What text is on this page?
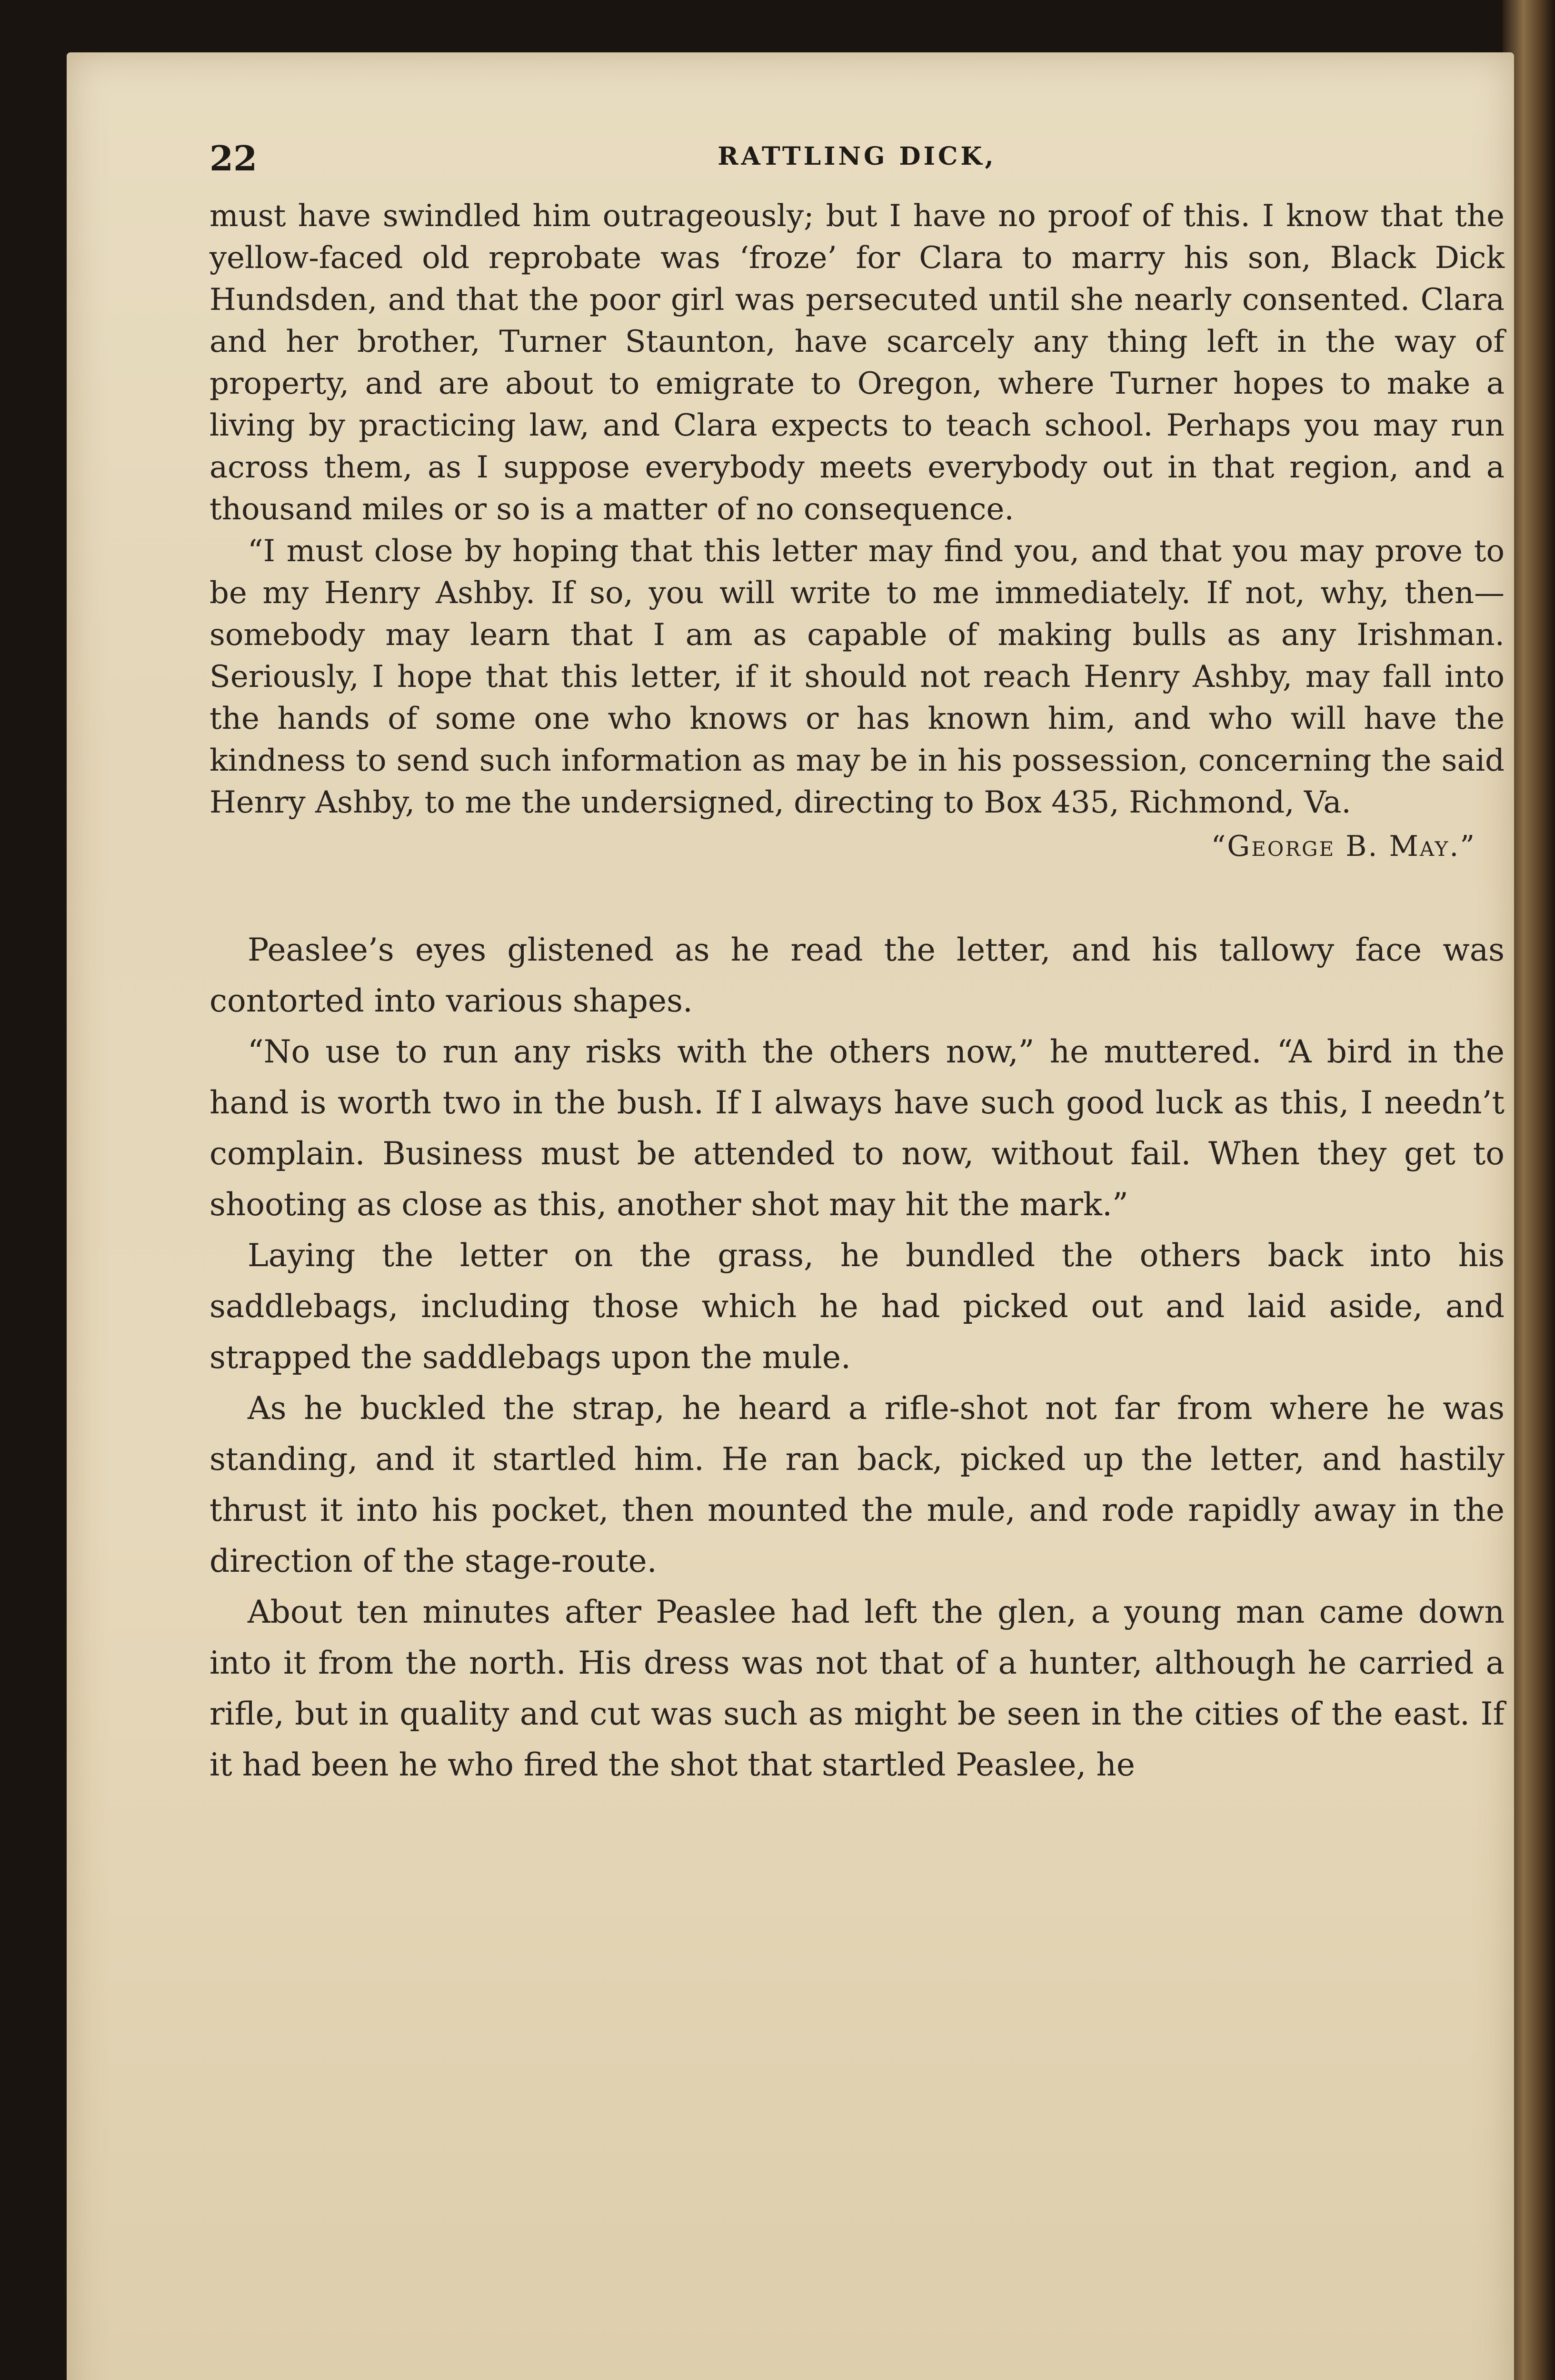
22	RATTLING DICK,

must have swindled him outrageously; but I have no proof of this. I know that the yellow-faced old reprobate was ‘froze’ for Clara to marry his son, Black Dick Hundsden, and that the poor girl was persecuted until she nearly consented. Clara and her brother, Turner Staunton, have scarcely any thing left in the way of property, and are about to emigrate to Oregon, where Turner hopes to make a living by practicing law, and Clara expects to teach school. Perhaps you may run across them, as I suppose everybody meets everybody out in that region, and a thousand miles or so is a matter of no consequence.

“I must close by hoping that this letter may find you, and that you may prove to be my Henry Ashby. If so, you will write to me immediately. If not, why, then—somebody may learn that I am as capable of making bulls as any Irishman. Seriously, I hope that this letter, if it should not reach Henry Ashby, may fall into the hands of some one who knows or has known him, and who will have the kindness to send such information as may be in his possession, concerning the said Henry Ashby, to me the undersigned, directing to Box 435, Richmond, Va.

“George B. May.”

Peaslee’s eyes glistened as he read the letter, and his tallowy face was contorted into various shapes.

“No use to run any risks with the others now,” he muttered. “A bird in the hand is worth two in the bush. If I always have such good luck as this, I needn’t complain. Business must be attended to now, without fail. When they get to shooting as close as this, another shot may hit the mark.”

Laying the letter on the grass, he bundled the others back into his saddlebags, including those which he had picked out and laid aside, and strapped the saddlebags upon the mule.

As he buckled the strap, he heard a rifle-shot not far from where he was standing, and it startled him. He ran back, picked up the letter, and hastily thrust it into his pocket, then mounted the mule, and rode rapidly away in the direction of the stage-route.

About ten minutes after Peaslee had left the glen, a young man came down into it from the north. His dress was not that of a hunter, although he carried a rifle, but in quality and cut was such as might be seen in the cities of the east. If it had been he who fired the shot that startled Peaslee, he
